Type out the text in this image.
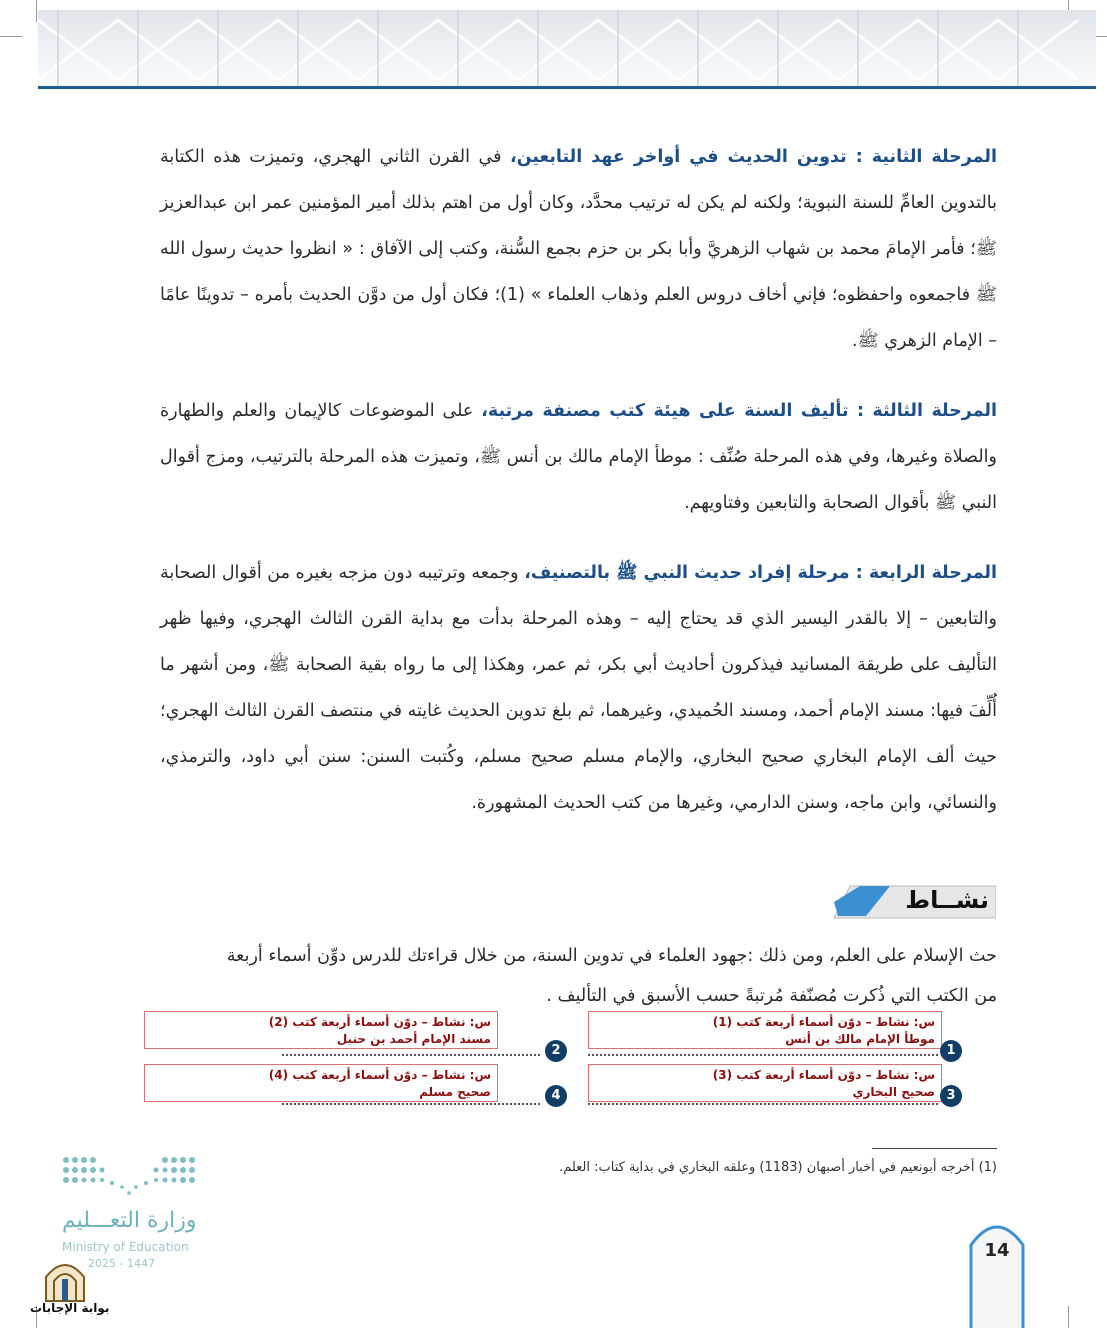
المرحلة الثانية : تدوين الحديث في أواخر عهد التابعين، في القرن الثاني الهجري، وتميزت هذه الكتابة بالتدوين العامِّ للسنة النبوية؛ ولكنه لم يكن له ترتيب محدَّد، وكان أول من اهتم بذلك أمير المؤمنين عمر ابن عبدالعزيز ﷺ؛ فأمر الإمامَ محمد بن شهاب الزهريَّ وأبا بكر بن حزم بجمع السُّنة، وكتب إلى الآفاق : « انظروا حديث رسول الله ﷺ فاجمعوه واحفظوه؛ فإني أخاف دروس العلم وذهاب العلماء » (1)؛ فكان أول من دوَّن الحديث بأمره – تدوينًا عامًا – الإمام الزهري ﷺ.
المرحلة الثالثة : تأليف السنة على هيئة كتب مصنفة مرتبة، على الموضوعات كالإيمان والعلم والطهارة والصلاة وغيرها، وفي هذه المرحلة صُنِّف : موطأ الإمام مالك بن أنس ﷺ، وتميزت هذه المرحلة بالترتيب، ومزج أقوال النبي ﷺ بأقوال الصحابة والتابعين وفتاويهم.
المرحلة الرابعة : مرحلة إفراد حديث النبي ﷺ بالتصنيف، وجمعه وترتيبه دون مزجه بغيره من أقوال الصحابة والتابعين – إلا بالقدر اليسير الذي قد يحتاج إليه – وهذه المرحلة بدأت مع بداية القرن الثالث الهجري، وفيها ظهر التأليف على طريقة المسانيد فيذكرون أحاديث أبي بكر، ثم عمر، وهكذا إلى ما رواه بقية الصحابة ﷺ، ومن أشهر ما أُلِّفَ فيها: مسند الإمام أحمد، ومسند الحُميدي، وغيرهما، ثم بلغ تدوين الحديث غايته في منتصف القرن الثالث الهجري؛ حيث ألف الإمام البخاري صحيح البخاري، والإمام مسلم صحيح مسلم، وكُتبت السنن: سنن أبي داود، والترمذي، والنسائي، وابن ماجه، وسنن الدارمي، وغيرها من كتب الحديث المشهورة.
نشــاط
حث الإسلام على العلم، ومن ذلك :جهود العلماء في تدوين السنة، من خلال قراءتك للدرس دوِّن أسماء أربعة
من الكتب التي ذُكرت مُصنّفة مُرتبةً حسب الأسبق في التأليف .
س: نشاط – دوّن أسماء أربعة كتب (1)
موطأ الإمام مالك بن أنس
1
س: نشاط – دوّن أسماء أربعة كتب (2)
مسند الإمام أحمد بن حنبل
2
س: نشاط – دوّن أسماء أربعة كتب (3)
صحيح البخاري 3
س: نشاط – دوّن أسماء أربعة كتب (4)
صحيح مسلم	4
(1) أخرجه أبونعيم في أخبار أصبهان (1183) وعلقه البخاري في بداية كتاب: العلم.
14
وزارة التعـــليم
Ministry of Education
2025 - 1447
بوابة الإجابات
